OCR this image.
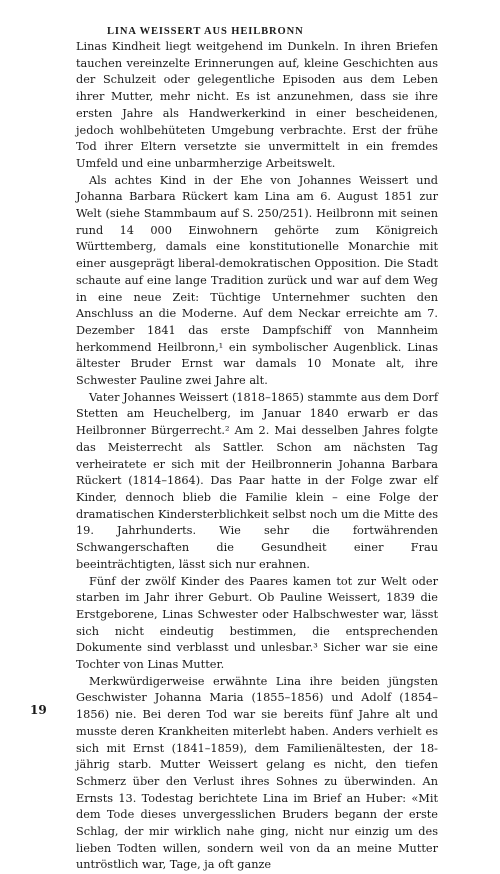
LINA WEISSERT AUS HEILBRONN

Linas Kindheit liegt weitgehend im Dunkeln. In ihren Briefen tauchen vereinzelte Erinnerungen auf, kleine Geschichten aus der Schulzeit oder gelegentliche Episoden aus dem Leben ihrer Mutter, mehr nicht. Es ist anzunehmen, dass sie ihre ersten Jahre als Handwerkerkind in einer bescheidenen, jedoch wohlbehüteten Umgebung verbrachte. Erst der frühe Tod ihrer Eltern versetzte sie unvermittelt in ein fremdes Umfeld und eine unbarmherzige Arbeitswelt.

Als achtes Kind in der Ehe von Johannes Weissert und Johanna Barbara Rückert kam Lina am 6. August 1851 zur Welt (siehe Stammbaum auf S. 250/251). Heilbronn mit seinen rund 14 000 Einwohnern gehörte zum Königreich Württemberg, damals eine konstitutionelle Monarchie mit einer ausgeprägt liberal-demokratischen Opposition. Die Stadt schaute auf eine lange Tradition zurück und war auf dem Weg in eine neue Zeit: Tüchtige Unternehmer suchten den Anschluss an die Moderne. Auf dem Neckar erreichte am 7. Dezember 1841 das erste Dampfschiff von Mannheim herkommend Heilbronn,¹ ein symbolischer Augenblick. Linas ältester Bruder Ernst war damals 10 Monate alt, ihre Schwester Pauline zwei Jahre alt.

Vater Johannes Weissert (1818–1865) stammte aus dem Dorf Stetten am Heuchelberg, im Januar 1840 erwarb er das Heilbronner Bürgerrecht.² Am 2. Mai desselben Jahres folgte das Meisterrecht als Sattler. Schon am nächsten Tag verheiratete er sich mit der Heilbronnerin Johanna Barbara Rückert (1814–1864). Das Paar hatte in der Folge zwar elf Kinder, dennoch blieb die Familie klein – eine Folge der dramatischen Kindersterblichkeit selbst noch um die Mitte des 19. Jahrhunderts. Wie sehr die fortwährenden Schwangerschaften die Gesundheit einer Frau beeinträchtigten, lässt sich nur erahnen.

Fünf der zwölf Kinder des Paares kamen tot zur Welt oder starben im Jahr ihrer Geburt. Ob Pauline Weissert, 1839 die Erstgeborene, Linas Schwester oder Halbschwester war, lässt sich nicht eindeutig bestimmen, die entsprechenden Dokumente sind verblasst und unlesbar.³ Sicher war sie eine Tochter von Linas Mutter.

Merkwürdigerweise erwähnte Lina ihre beiden jüngsten Geschwister Johanna Maria (1855–1856) und Adolf (1854–1856) nie. Bei deren Tod war sie bereits fünf Jahre alt und musste deren Krankheiten miterlebt haben. Anders verhielt es sich mit Ernst (1841–1859), dem Familienältesten, der 18-jährig starb. Mutter Weissert gelang es nicht, den tiefen Schmerz über den Verlust ihres Sohnes zu überwinden. An Ernsts 13. Todestag berichtete Lina im Brief an Huber: «Mit dem Tode dieses unvergesslichen Bruders begann der erste Schlag, der mir wirklich nahe ging, nicht nur einzig um des lieben Todten willen, sondern weil von da an meine Mutter untröstlich war, Tage, ja oft ganze

19
